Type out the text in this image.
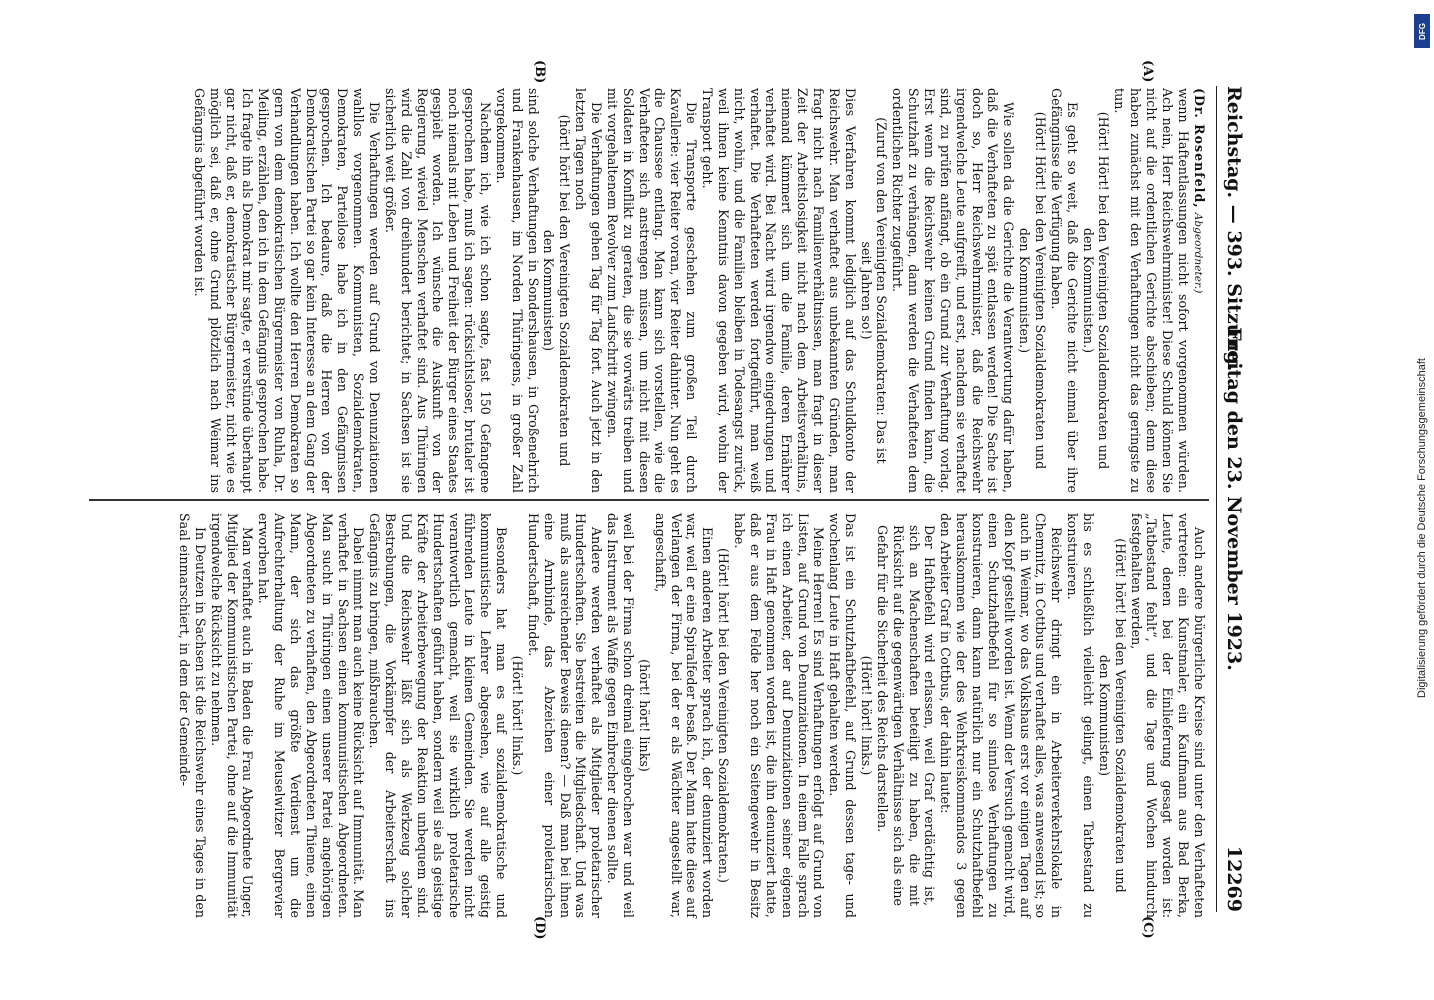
Reichstag. — 393. Sitzung.
Freitag den 23. November 1923.
12269
(A)
(B)
(C)
(D)

(Dr. Rosenfeld, Abgeordneter.)

wenn Haftentlassungen nicht sofort vorgenommen würden. Ach nein, Herr Reichswehrminister! Diese Schuld können Sie nicht auf die ordentlichen Gerichte abschieben; denn diese haben zunächst mit den Verhaftungen nicht das geringste zu tun.

(Hört! Hört! bei den Vereinigten Sozialdemokraten und den Kommunisten.)

Es geht so weit, daß die Gerichte nicht einmal über ihre Gefängnisse die Verfügung haben.

(Hört! Hört! bei den Vereinigten Sozialdemokraten und den Kommunisten.)

Wie sollen da die Gerichte die Verantwortung dafür haben, daß die Verhafteten zu spät entlassen werden! Die Sache ist doch so, Herr Reichswehrminister, daß die Reichswehr irgendwelche Leute aufgreift, und erst, nachdem sie verhaftet sind, zu prüfen anfängt, ob ein Grund zur Verhaftung vorlag. Erst wenn die Reichswehr keinen Grund finden kann, die Schutzhaft zu verhängen, dann werden die Verhafteten dem ordentlichen Richter zugeführt.

(Zuruf von den Vereinigten Sozialdemokraten: Das ist seit Jahren so!)

Dies Verfahren kommt lediglich auf das Schuldkonto der Reichswehr. Man verhaftet aus unbekannten Gründen, man fragt nicht nach Familienverhältnissen, man fragt in dieser Zeit der Arbeitslosigkeit nicht nach dem Arbeitsverhältnis, niemand kümmert sich um die Familie, deren Ernährer verhaftet wird. Bei Nacht wird irgendwo eingedrungen und verhaftet. Die Verhafteten werden fortgeführt, man weiß nicht, wohin, und die Familien bleiben in Todesangst zurück, weil ihnen keine Kenntnis davon gegeben wird, wohin der Transport geht.

Die Transporte geschehen zum großen Teil durch Kavallerie: vier Reiter voran, vier Reiter dahinter. Nun geht es die Chaussee entlang. Man kann sich vorstellen, wie die Verhafteten sich anstrengen müssen, um nicht mit diesen Soldaten in Konflikt zu geraten, die sie vorwärts treiben und mit vorgehaltenem Revolver zum Laufschritt zwingen.

Die Verhaftungen gehen Tag für Tag fort. Auch jetzt in den letzten Tagen noch

(hört! hört! bei den Vereinigten Sozialdemokraten und den Kommunisten)

sind solche Verhaftungen in Sondershausen, in Großenehrich und Frankenhausen, im Norden Thüringens, in großer Zahl vorgekommen.

Nachdem ich, wie ich schon sagte, fast 150 Gefangene gesprochen habe, muß ich sagen: rücksichtsloser, brutaler ist noch niemals mit Leben und Freiheit der Bürger eines Staates gespielt worden. Ich wünsche die Auskunft von der Regierung, wieviel Menschen verhaftet sind. Aus Thüringen wird die Zahl von dreihundert berichtet; in Sachsen ist sie sicherlich weit größer.

Die Verhaftungen werden auf Grund von Denunziationen wahllos vorgenommen. Kommunisten, Sozialdemokraten, Demokraten, Parteilose habe ich in den Gefängnissen gesprochen. Ich bedaure, daß die Herren von der Demokratischen Partei so gar kein Interesse an dem Gang der Verhandlungen haben. Ich wollte den Herren Demokraten so gern von dem demokratischen Bürgermeister von Ruhla, Dr. Meiling, erzählen, den ich in dem Gefängnis gesprochen habe. Ich fragte ihn als Demokrat mir sagte, er verstünde überhaupt gar nicht, daß er, demokratischer Bürgermeister, nicht wie es möglich sei, daß er, ohne Grund plötzlich nach Weimar ins Gefängnis abgeführt worden ist.

Auch andere bürgerliche Kreise sind unter den Verhafteten vertreten: ein Kunstmaler, ein Kaufmann aus Bad Berka, Leute, denen bei der Einlieferung gesagt worden ist: „Tatbestand fehlt“, und die Tage und Wochen hindurch festgehalten werden,

(Hört! hört! bei den Vereinigten Sozialdemokraten und den Kommunisten)

bis es schließlich vielleicht gelingt, einen Tatbestand zu konstruieren.

Reichswehr dringt ein in Arbeiterverkehrslokale in Chemnitz, in Cottbus und verhaftet alles, was anwesend ist; so auch in Weimar, wo das Volkshaus erst vor einigen Tagen auf den Kopf gestellt worden ist. Wenn der Versuch gemacht wird, einen Schutzhaftbefehl für so sinnlose Verhaftungen zu konstruieren, dann kann natürlich nur ein Schutzhaftbefehl herauskommen wie der des Wehrkreiskommandos 3 gegen den Arbeiter Graf in Cottbus, der dahin lautet:

Der Haftbefehl wird erlassen, weil Graf verdächtig ist, sich an Machenschaften beteiligt zu haben, die mit Rücksicht auf die gegenwärtigen Verhältnisse sich als eine Gefahr für die Sicherheit des Reichs darstellen.

(Hört! hört! links.)

Das ist ein Schutzhaftbefehl, auf Grund dessen tage- und wochenlang Leute in Haft gehalten werden.

Meine Herren! Es sind Verhaftungen erfolgt auf Grund von Listen, auf Grund von Denunziationen. In einem Falle sprach ich einen Arbeiter, der auf Denunziationen seiner eigenen Frau in Haft genommen worden ist, die ihn denunziert hatte, daß er aus dem Felde her noch ein Seitengewehr in Besitz habe.

(Hört! hört! bei den Vereinigten Sozialdemokraten.)

Einen anderen Arbeiter sprach ich, der denunziert worden war, weil er eine Spiralfeder besaß. Der Mann hatte diese auf Verlangen der Firma, bei der er als Wächter angestellt war, angeschafft,

(hört! hört! links)

weil bei der Firma schon dreimal eingebrochen war und weil das Instrument als Waffe gegen Einbrecher dienen sollte.

Andere werden verhaftet als Mitglieder proletarischer Hundertschaften. Sie bestreiten die Mitgliedschaft. Und was muß als ausreichender Beweis dienen? — Daß man bei ihnen eine Armbinde, das Abzeichen einer proletarischen Hundertschaft, findet.

(Hört! hört! links.)

Besonders hat man es auf sozialdemokratische und kommunistische Lehrer abgesehen, wie auf alle geistig führenden Leute in kleinen Gemeinden. Sie werden nicht verantwortlich gemacht, weil sie wirklich proletarische Hundertschaften geführt haben, sondern weil sie als geistige Kräfte der Arbeiterbewegung der Reaktion unbequem sind. Und die Reichswehr läßt sich als Werkzeug solcher Bestrebungen, die Vorkämpfer der Arbeiterschaft ins Gefängnis zu bringen, mißbrauchen.

Dabei nimmt man auch keine Rücksicht auf Immunität. Man verhaftet in Sachsen einen kommunistischen Abgeordneten. Man sucht in Thüringen einen unserer Partei angehörigen Abgeordneten zu verhaften, den Abgeordneten Thieme, einen Mann, der sich das größte Verdienst um die Aufrechterhaltung der Ruhe im Meuselwitzer Bergrevier erworben hat.

Man verhaftet auch in Baden die Frau Abgeordnete Unger, Mitglied der Kommunistischen Partei, ohne auf die Immunität irgendwelche Rücksicht zu nehmen.

In Deutzen in Sachsen ist die Reichswehr eines Tages in den Saal einmarschiert, in dem der Gemeinde-

DFG
Digitalisierung gefördert durch die Deutsche Forschungsgemeinschaft
